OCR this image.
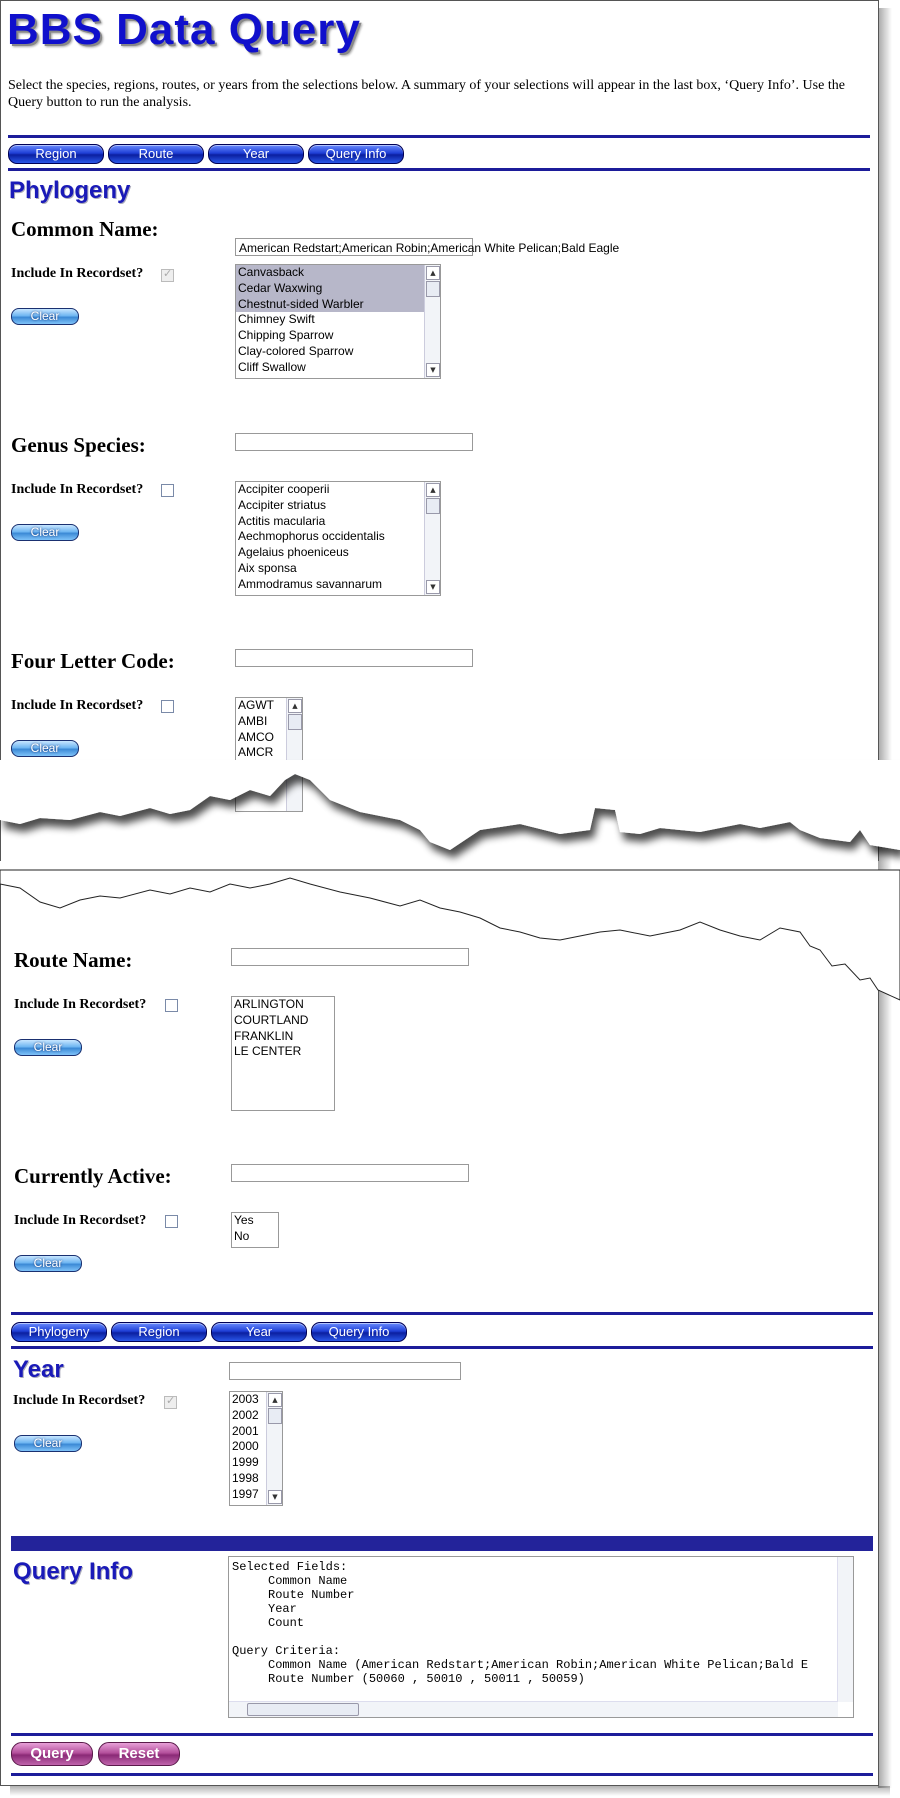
BBS Data Query
Select the species, regions, routes, or years from the selections below. A summary of your selections will appear in the last box, ‘Query Info’. Use the Query button to run the analysis.
Region	Route	Year	Query Info
Phylogeny
Common Name:
American Redstart;American Robin;American White Pelican;Bald Eagle
Include In Recordset?
✓
Clear
Canvasback
Cedar Waxwing
Chestnut-sided Warbler
Chimney Swift
Chipping Sparrow
Clay-colored Sparrow
Cliff Swallow
▲
▼
Genus Species:
Include In Recordset?
Clear
Accipiter cooperii
Accipiter striatus
Actitis macularia
Aechmophorus occidentalis
Agelaius phoeniceus
Aix sponsa
Ammodramus savannarum
▲
▼
Four Letter Code:
Include In Recordset?
Clear
AGWT
AMBI
AMCO
AMCR
▲
Route Name:
Include In Recordset?
Clear
ARLINGTON
COURTLAND
FRANKLIN
LE CENTER
Currently Active:
Include In Recordset?
Clear
Yes
No
Phylogeny	Region	Year	Query Info
Year
Include In Recordset?
✓
Clear
2003
2002
2001
2000
1999
1998
1997
▲
▼
Query Info
Query	Reset
Selected Fields:
Common Name
Route Number
Year
Count

Query Criteria:
Common Name (American Redstart;American Robin;American White Pelican;Bald E
Route Number (50060 , 50010 , 50011 , 50059)
